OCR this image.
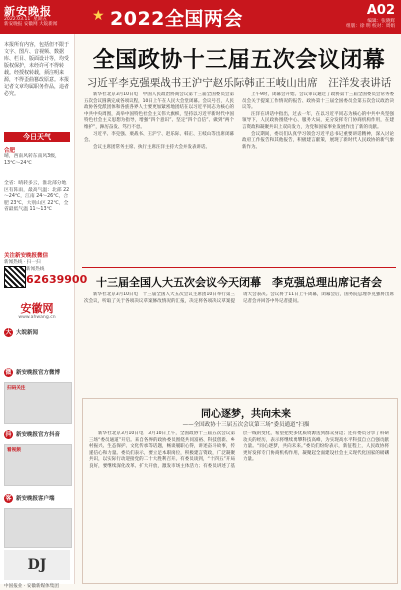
新安晚报
2022.03.11  星期五
新安晚报 安徽网 大皖新闻
★ 2022全国两会	A02
编辑：张晓辉
组版：徐 明 校对：周娟
本报所有内容，包括但不限于文字、图片、音视频、数据库、栏目、版面设计等，均受版权保护，未经许可不得转载。经授权转载，须注明来源，不得歪曲篡改原意。本报记者文章均属职务作品，违者必究。
今日天气
合肥
晴，西南风转东南风3级，13℃～24℃
全省：晴转多云，淮北部分地区有阵雨，最高气温：北部 22～24℃，江南 24～26℃，合肥 23℃，大别山区 22℃，全省最低气温 11～13℃
关注新安晚报微信
新闻热线 · 扫一扫
新闻热线
62639900
安徽网
www.ahwang.cn
大 大皖新闻
微 新安晚报官方微博
抖 新安晚报官方抖音
扫码关注
看视频
客 新安晚报客户端
DJ
中国报业 · 安徽新媒体集团
全国政协十三届五次会议闭幕
习近平李克强栗战书王沪宁赵乐际韩正王岐山出席　汪洋发表讲话

新华社北京3月10日电　中国人民政治协商会议第十三届全国委员会第五次会议圆满完成各项议程，10日上午在人民大会堂闭幕。会议号召，人民政协各党派团体和各族各界人士要更加紧密地团结在以习近平同志为核心的中共中央周围，高举中国特色社会主义伟大旗帜，坚持以习近平新时代中国特色社会主义思想为指导，增强“四个意识”、坚定“四个自信”、做到“两个维护”，踔厉奋发、笃行不怠。

习近平、李克强、栗战书、王沪宁、赵乐际、韩正、王岐山等出席闭幕会。

会议主席团常务主席、执行主席汪洋主持大会并发表讲话。

上午9时，闭幕会开始。会议审议通过了政协第十三届全国委员会常务委员会关于提案工作情况的报告、政协第十三届全国委员会第五次会议政治决议等。

汪洋在讲话中指出，过去一年，在以习近平同志为核心的中共中央坚强领导下，人民政协围绕中心、服务大局，充分发挥专门协商机构作用，在建言资政和凝聚共识上双向发力，为党和国家事业发展作出了新的贡献。

会议期间，委员们认真学习领会习近平总书记重要讲话精神，深入讨论政府工作报告和其他报告，积极建言献策，展现了新时代人民政协的新气象新作为。

十三届全国人大五次会议今天闭幕　李克强总理出席记者会

新华社北京3月10日电　十三届全国人大五次会议主席团10日举行第三次会议，听取了关于各项决议草案修改情况的汇报，决定将各项决议草案提请大会表决。会议将于11日上午闭幕，闭幕会后，国务院总理李克强将出席记者会并回答中外记者提问。

同心逐梦，共向未来
——全国政协十三届五次会议第三场“委员通道”扫描

新华社北京3月10日电　3月10日上午，全国政协十三届五次会议第三场“委员通道”开启。来自各界的政协委员围绕共同富裕、科技创新、乡村振兴、生态保护、文化传承等话题，畅谈履职心得，讲述奋斗故事，传递信心和力量。委员们表示，要立足本职岗位，积极建言资政，广泛凝聚共识，以实际行动迎接党的二十大胜利召开。有委员谈到，“十四五”开局良好，要继续深化改革、扩大开放，激发市场主体活力；有委员讲述了基层一线的变化，希望把更多优质资源送到群众身边；还有委员分享了科研攻关的经历，表示将继续勇攀科技高峰，为实现高水平科技自立自强贡献力量。“同心逐梦，共向未来。”委员们纷纷表示，新征程上，人民政协将更好发挥专门协商机构作用，凝聚起全面建设社会主义现代化国家的磅礴力量。
